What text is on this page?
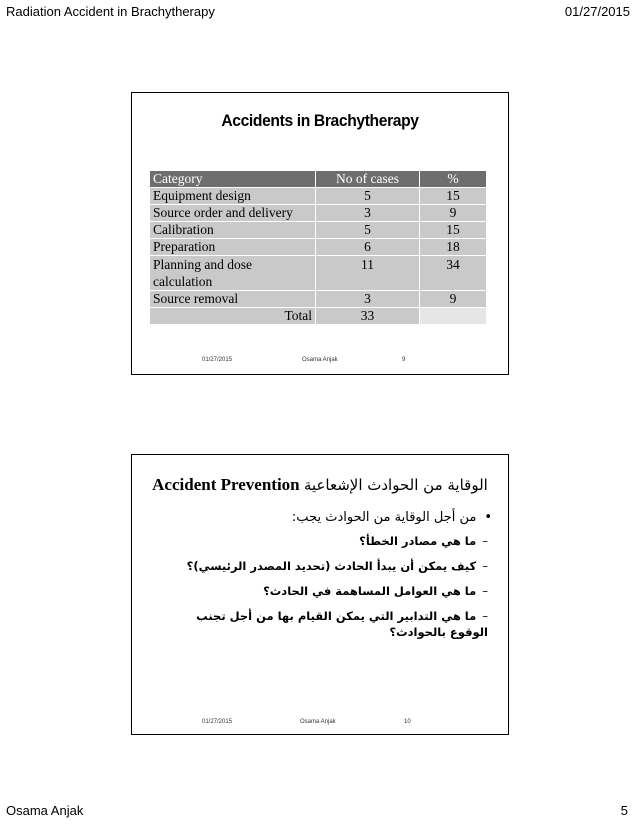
Radiation Accident in Brachytherapy	01/27/2015
Accidents in Brachytherapy
Category	No of cases	%
Equipment design	5	15
Source order and delivery	3	9
Calibration	5	15
Preparation	6	18
Planning and dose calculation	11	34
Source removal	3	9
Total	33	
01/27/2015	Osama Anjak	9
Accident Prevention الوقاية من الحوادث الإشعاعية
•من أجل الوقاية من الحوادث يجب:
–ما هي مصادر الخطأ؟
–كيف يمكن أن يبدأ الحادث (تحديد المصدر الرئيسي)؟
–ما هي العوامل المساهمة في الحادث؟
–ما هي التدابير التي يمكن القيام بها من أجل تجنب الوقوع بالحوادث؟
01/27/2015	Osama Anjak	10
Osama Anjak	5
